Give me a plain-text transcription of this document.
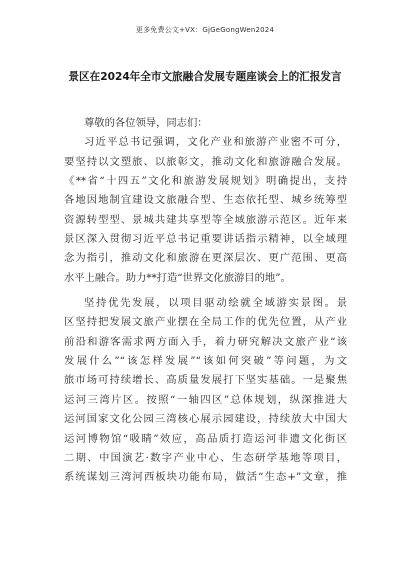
更多免费公文+VX：GjGeGongWen2024
景区在2024年全市文旅融合发展专题座谈会上的汇报发言
尊敬的各位领导，同志们：
习近平总书记强调，文化产业和旅游产业密不可分，
要坚持以文塑旅、以旅彰文，推动文化和旅游融合发展。
《**省“十四五”文化和旅游发展规划》明确提出，支持
各地因地制宜建设文旅融合型、生态依托型、城乡统筹型
资源转型型、景城共建共享型等全域旅游示范区。近年来
景区深入贯彻习近平总书记重要讲话指示精神，以全域理
念为指引，推动文化和旅游在更深层次、更广范围、更高
水平上融合。助力**打造“世界文化旅游目的地”。
坚持优先发展，以项目驱动绘就全域游实景图。景
区坚持把发展文旅产业摆在全局工作的优先位置，从产业
前沿和游客需求两方面入手，着力研究解决文旅产业“该
发展什么”“该怎样发展”“该如何突破”等问题，为文
旅市场可持续增长、高质量发展打下坚实基础。一是聚焦
运河三湾片区。按照“一轴四区”总体规划，纵深推进大
运河国家文化公园三湾核心展示园建设，持续放大中国大
运河博物馆“吸睛”效应，高品质打造运河非遗文化街区
二期、中国演艺·数字产业中心、生态研学基地等项目，
系统谋划三湾河西板块功能布局，做活“生态+”文章，推
